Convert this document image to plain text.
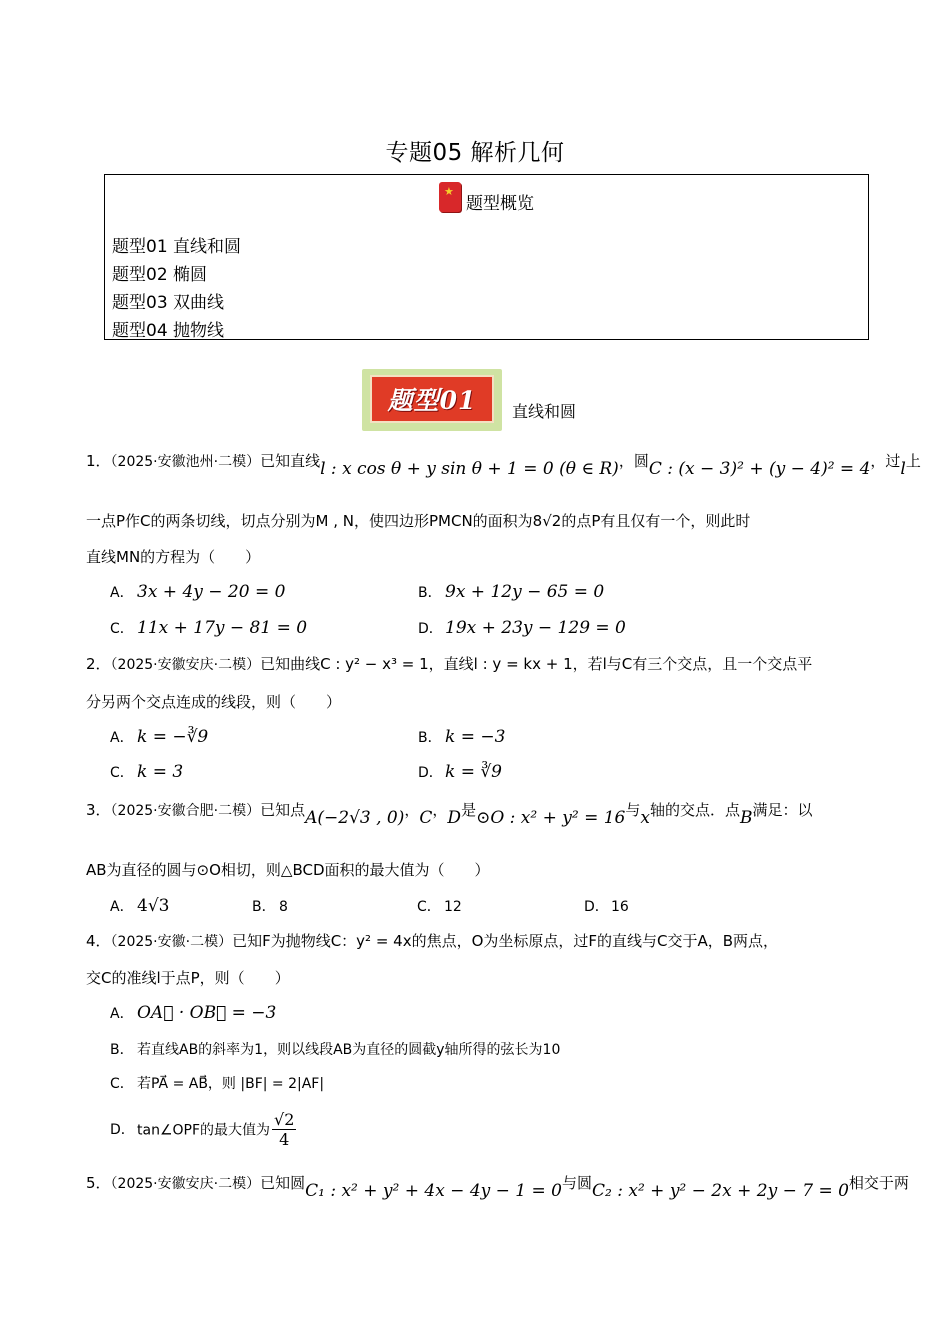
专题05 解析几何
★
题型概览
题型01 直线和圆
题型02 椭圆
题型03 双曲线
题型04 抛物线
题型01	直线和圆
1．（2025·安徽池州·二模）已知直线l : x cos θ + y sin θ + 1 = 0 (θ ∈ R)，圆C : (x − 3)² + (y − 4)² = 4，过l上
一点P作C的两条切线，切点分别为M , N，使四边形PMCN的面积为8√2的点P有且仅有一个，则此时
直线MN的方程为（　　）
A． 3x + 4y − 20 = 0	B． 9x + 12y − 65 = 0
C． 11x + 17y − 81 = 0	D． 19x + 23y − 129 = 0
2．（2025·安徽安庆·二模）已知曲线C : y² − x³ = 1，直线l : y = kx + 1，若l与C有三个交点，且一个交点平
分另两个交点连成的线段，则（　　）
A． k = −∛9	B． k = −3
C． k = 3	D． k = ∛9
3．（2025·安徽合肥·二模）已知点A(−2√3 , 0)，C，D是⊙O : x² + y² = 16与x轴的交点．点B满足：以
AB为直径的圆与⊙O相切，则△BCD面积的最大值为（　　）
A． 4√3	B． 8	C． 12	D． 16
4．（2025·安徽·二模）已知F为抛物线C：y² = 4x的焦点，O为坐标原点，过F的直线与C交于A，B两点，
交C的准线l于点P，则（　　）
A． OA⃗ · OB⃗ = −3
B． 若直线AB的斜率为1，则以线段AB为直径的圆截y轴所得的弦长为10
C． 若PA⃗ = AB⃗，则 |BF| = 2|AF|
D． tan∠OPF的最大值为 $\frac{√2}{4}$
5．（2025·安徽安庆·二模）已知圆C₁ : x² + y² + 4x − 4y − 1 = 0与圆C₂ : x² + y² − 2x + 2y − 7 = 0相交于两
